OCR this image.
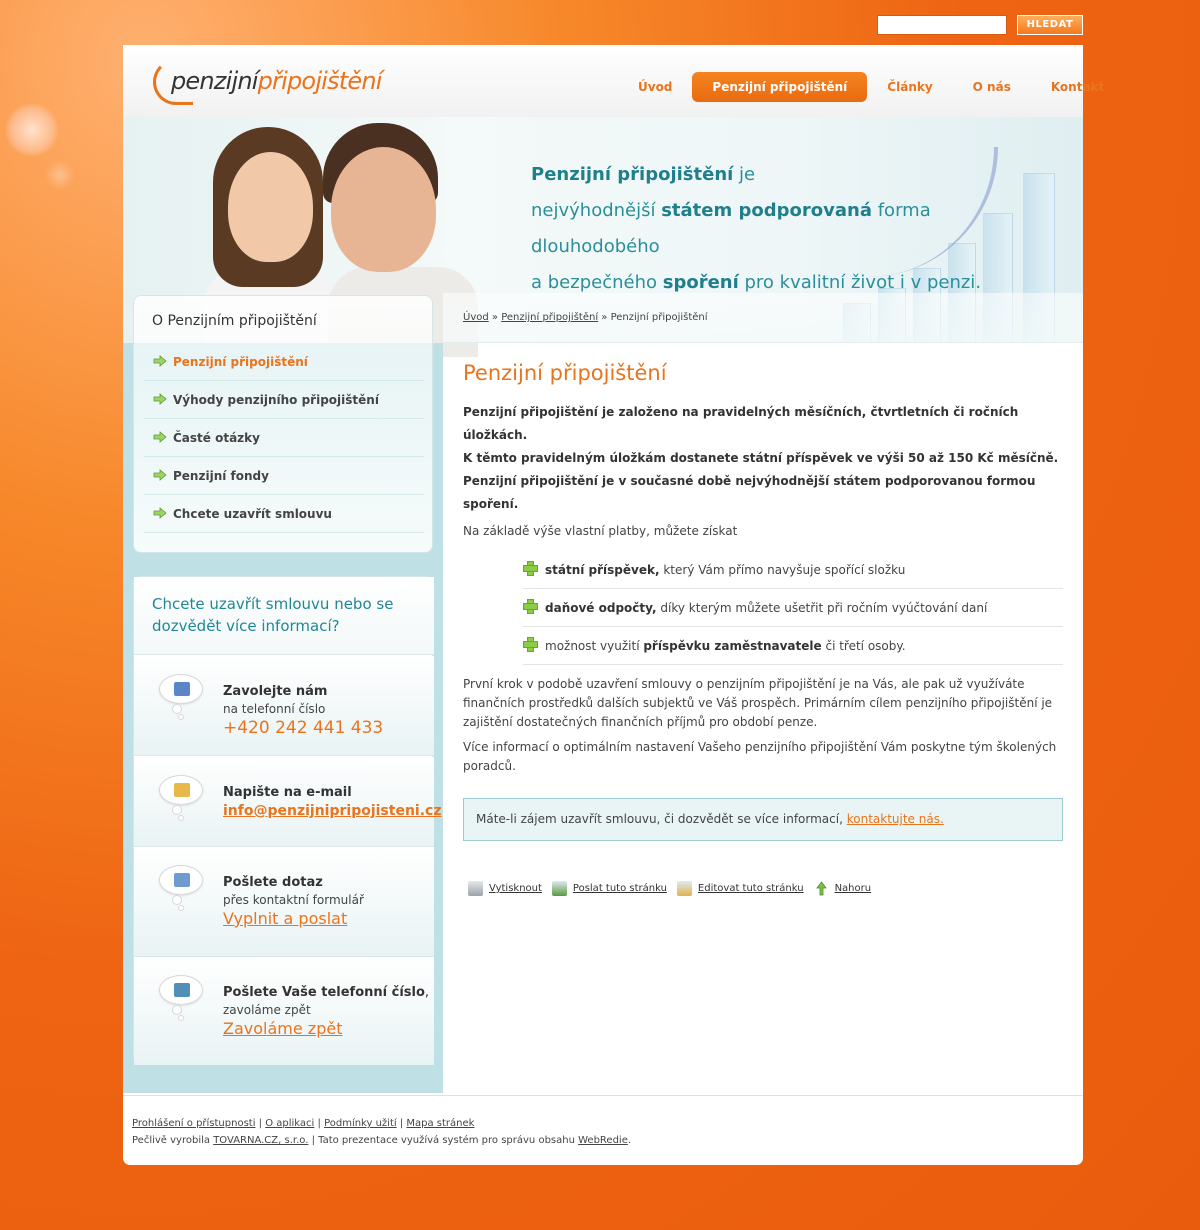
HLEDAT
penzijnípřipojištění	Úvod	Penzijní připojištění	Články	O nás	Kontakt
Penzijní připojištění je
nejvýhodnější státem podporovaná forma dlouhodobého
a bezpečného spoření pro kvalitní život i v penzi.
O Penzijním připojištění
Penzijní připojištění
Výhody penzijního připojištění
Časté otázky
Penzijní fondy
Chcete uzavřít smlouvu
Chcete uzavřít smlouvu nebo se dozvědět více informací?
Zavolejte nám
na telefonní číslo
+420 242 441 433
Napište na e-mail
info@penzijnipripojisteni.cz
Pošlete dotaz
přes kontaktní formulář
Vyplnit a poslat
Pošlete Vaše telefonní číslo,
zavoláme zpět
Zavoláme zpět
Úvod » Penzijní připojištění » Penzijní připojištění
Penzijní připojištění
Penzijní připojištění je založeno na pravidelných měsíčních, čtvrtletních či ročních úložkách.
K těmto pravidelným úložkám dostanete státní příspěvek ve výši 50 až 150 Kč měsíčně.
Penzijní připojištění je v současné době nejvýhodnější státem podporovanou formou spoření.
Na základě výše vlastní platby, můžete získat
státní příspěvek, který Vám přímo navyšuje spořící složku
daňové odpočty, díky kterým můžete ušetřit při ročním vyúčtování daní
možnost využití příspěvku zaměstnavatele či třetí osoby.
První krok v podobě uzavření smlouvy o penzijním připojištění je na Vás, ale pak už využíváte finančních prostředků dalších subjektů ve Váš prospěch. Primárním cílem penzijního připojištění je zajištění dostatečných finančních příjmů pro období penze.
Více informací o optimálním nastavení Vašeho penzijního připojištění Vám poskytne tým školených poradců.
Máte-li zájem uzavřít smlouvu, či dozvědět se více informací, kontaktujte nás.
Vytisknout	Poslat tuto stránku	Editovat tuto stránku	Nahoru
Prohlášení o přístupnosti | O aplikaci | Podmínky užití | Mapa stránek
Pečlivě vyrobila TOVARNA.CZ, s.r.o. | Tato prezentace využívá systém pro správu obsahu WebRedie.
